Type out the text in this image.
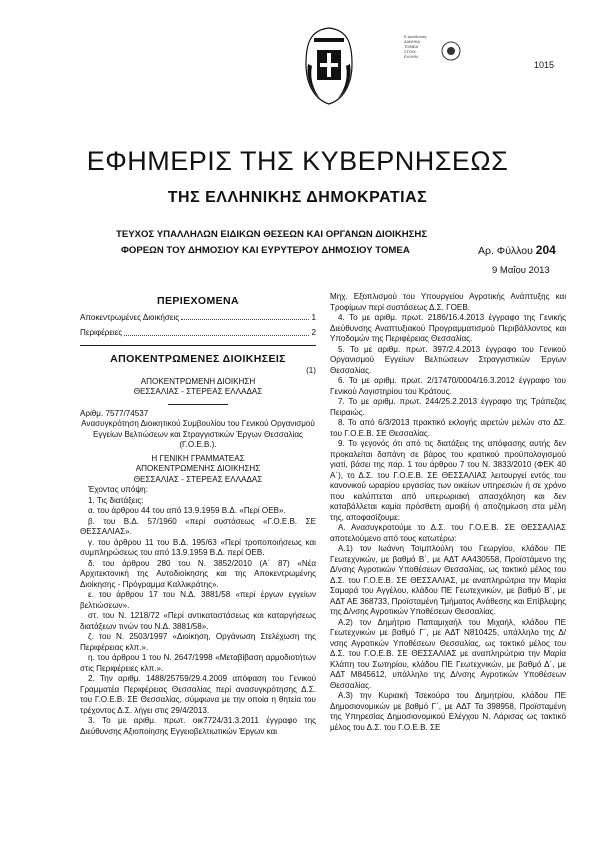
Ε.Διεύθυνση
ΔΙΑΦ/ΚΑ
ΤΟΜΕΑ
ΣΤΟΙΧ.
ΕΛΛΗΝ.
1015
ΕΦΗΜΕΡΙΣ ΤΗΣ ΚΥΒΕΡΝΗΣΕΩΣ
ΤΗΣ ΕΛΛΗΝΙΚΗΣ ΔΗΜΟΚΡΑΤΙΑΣ
ΤΕΥΧΟΣ ΥΠΑΛΛΗΛΩΝ ΕΙΔΙΚΩΝ ΘΕΣΕΩΝ ΚΑΙ ΟΡΓΑΝΩΝ ΔΙΟΙΚΗΣΗΣ
ΦΟΡΕΩΝ ΤΟΥ ΔΗΜΟΣΙΟΥ ΚΑΙ ΕΥΡΥΤΕΡΟΥ ΔΗΜΟΣΙΟΥ ΤΟΜΕΑ	Αρ. Φύλλου 204
9 Μαΐου 2013
ΠΕΡΙΕΧΟΜΕΝΑ
Αποκεντρωμένες Διοικήσεις	1
Περιφέρειες	2
ΑΠΟΚΕΝΤΡΩΜΕΝΕΣ ΔΙΟΙΚΗΣΕΙΣ
(1)
ΑΠΟΚΕΝΤΡΩΜΕΝΗ ΔΙΟΙΚΗΣΗ
ΘΕΣΣΑΛΙΑΣ - ΣΤΕΡΕΑΣ ΕΛΛΑΔΑΣ

Αριθμ. 7577/74537

Ανασυγκρότηση Διοικητικού Συμβουλίου του Γενικού Οργανισμού Εγγείων Βελτιώσεων και Στραγγιστικών Έργων Θεσσαλίας (Γ.Ο.Ε.Β.).

Η ΓΕΝΙΚΗ ΓΡΑΜΜΑΤΕΑΣ
ΑΠΟΚΕΝΤΡΩΜΕΝΗΣ ΔΙΟΙΚΗΣΗΣ
ΘΕΣΣΑΛΙΑΣ - ΣΤΕΡΕΑΣ ΕΛΛΑΔΑΣ

Έχοντας υπόψη:

1. Τις διατάξεις:

α. του άρθρου 44 του από 13.9.1959 Β.Δ. «Περί ΟΕΒ».

β. του Β.Δ. 57/1960 «περί συστάσεως «Γ.Ο.Ε.Β. ΣΕ ΘΕΣΣΑΛΙΑΣ».

γ. του άρθρου 11 του Β.Δ. 195/63 «Περί τροποποιήσεως και συμπληρώσεως του από 13.9.1959 Β.Δ. περί ΟΕΒ.

δ. του άρθρου 280 του Ν. 3852/2010 (Α΄ 87) «Νέα Αρχιτεκτονική της Αυτοδιοίκησης και της Αποκεντρωμένης Διοίκησης - Πρόγραμμα Καλλικράτης».

ε. του άρθρου 17 του Ν.Δ. 3881/58 «περί έργων εγγείων βελτιώσεων».

στ. του Ν. 1218/72 «Περί αντικαταστάσεως και καταργήσεως διατάξεων τινών του Ν.Δ. 3881/58».

ζ. του Ν. 2503/1997 «Διοίκηση, Οργάνωση Στελέχωση της Περιφέρειας κλπ.».

η. του άρθρου 1 του Ν. 2647/1998 «Μεταβίβαση αρμοδιοτήτων στις Περιφέρειες κλπ.».

2. Την αριθμ. 1488/25759/29.4.2009 απόφαση του Γενικού Γραμματέα Περιφέρειας Θεσσαλίας περί ανασυγκρότησης Δ.Σ. του Γ.Ο.Ε.Β. ΣΕ Θεσσαλίας, σύμφωνα με την οποία η θητεία του τρέχοντος Δ.Σ. λήγει στις 29/4/2013.

3. Το με αριθμ. πρωτ. οικ7724/31.3.2011 έγγραφο της Διεύθυνσης Αξιοποίησης Εγγειοβελτιωτικών Έργων και

Μηχ. Εξοπλισμού του Υπουργείου Αγροτικής Ανάπτυξης και Τροφίμων περί συστάσεως Δ.Σ. ΓΟΕΒ.

4. Το με αριθμ. πρωτ. 2186/16.4.2013 έγγραφο της Γενικής Διεύθυνσης Αναπτυξιακού Προγραμματισμού Περιβάλλοντος και Υποδομών της Περιφέρειας Θεσσαλίας.

5. Το με αριθμ. πρωτ. 397/2.4.2013 έγγραφο του Γενικού Οργανισμού Εγγείων Βελτιώσεων Στραγγιστικών Έργων Θεσσαλίας.

6. Το με αριθμ. πρωτ. 2/17470/0004/16.3.2012 έγγραφο του Γενικού Λογιστηρίου του Κράτους.

7. Το με αριθμ. πρωτ. 244/25.2.2013 έγγραφο της Τράπεζας Πειραιώς.

8. Το από 6/3/2013 πρακτικό εκλογής αιρετών μελών στο ΔΣ. του Γ.Ο.Ε.Β. ΣΕ Θεσσαλίας.

9. Το γεγονός ότι από τις διατάξεις της απόφασης αυτής δεν προκαλείται δαπάνη σε βάρος του κρατικού προϋπολογισμού γιατί, βάσει της παρ. 1 του άρθρου 7 του Ν. 3833/2010 (ΦΕΚ 40 Α΄), το Δ.Σ. του Γ.Ο.Ε.Β. ΣΕ ΘΕΣΣΑΛΙΑΣ λειτουργεί εντός του κανονικού ωραρίου εργασίας των οικείων υπηρεσιών ή σε χρόνο που καλύπτεται από υπερωριακή απασχόληση και δεν καταβάλλεται καμία πρόσθετη αμοιβή ή αποζημίωση στα μέλη της, αποφασίζουμε:

Α. Ανασυγκροτούμε το Δ.Σ. του Γ.Ο.Ε.Β. ΣΕ ΘΕΣΣΑΛΙΑΣ αποτελούμενο από τους κατωτέρω:

Α.1) τον Ιωάννη Τσιμπλούλη του Γεωργίου, κλάδου ΠΕ Γεωτεχνικών, με βαθμό Β΄, με ΑΔΤ ΑΑ430558, Προϊστάμενο της Δ/νσης Αγροτικών Υποθέσεων Θεσσαλίας, ως τακτικό μέλος του Δ.Σ. του Γ.Ο.Ε.Β. ΣΕ ΘΕΣΣΑΛΙΑΣ, με αναπληρώτρια την Μαρία Σαμαρά του Αγγέλου, κλάδου ΠΕ Γεωτεχνικών, με βαθμό Β΄, με ΑΔΤ ΑΕ 368733, Προϊσταμένη Τμήματος Ανάθεσης και Επίβλεψης της Δ/νσης Αγροτικών Υποθέσεων Θεσσαλίας.

Α.2) τον Δημήτριο Παπαμιχαήλ του Μιχαήλ, κλάδου ΠΕ Γεωτεχνικών με βαθμό Γ΄, με ΑΔΤ Ν810425, υπάλληλο της Δ/νσης Αγροτικών Υποθέσεων Θεσσαλίας, ως τακτικό μέλος του Δ.Σ. του Γ.Ο.Ε.Β. ΣΕ ΘΕΣΣΑΛΙΑΣ με αναπληρώτρια την Μαρία Κλάπη του Σωτηρίου, κλάδου ΠΕ Γεωτεχνικών, με βαθμό Δ΄, με ΑΔΤ Μ845612, υπάλληλο της Δ/νσης Αγροτικών Υποθέσεων Θεσσαλίας.

Α.3) την Κυριακή Τσεκούρα του Δημητρίου, κλάδου ΠΕ Δημοσιονομικών με βαθμό Γ΄, με ΑΔΤ Τα 398958, Προϊσταμένη της Υπηρεσίας Δημοσιονομικού Ελέγχου Ν. Λάρισας ως τακτικό μέλος του Δ.Σ. του Γ.Ο.Ε.Β. ΣΕ
